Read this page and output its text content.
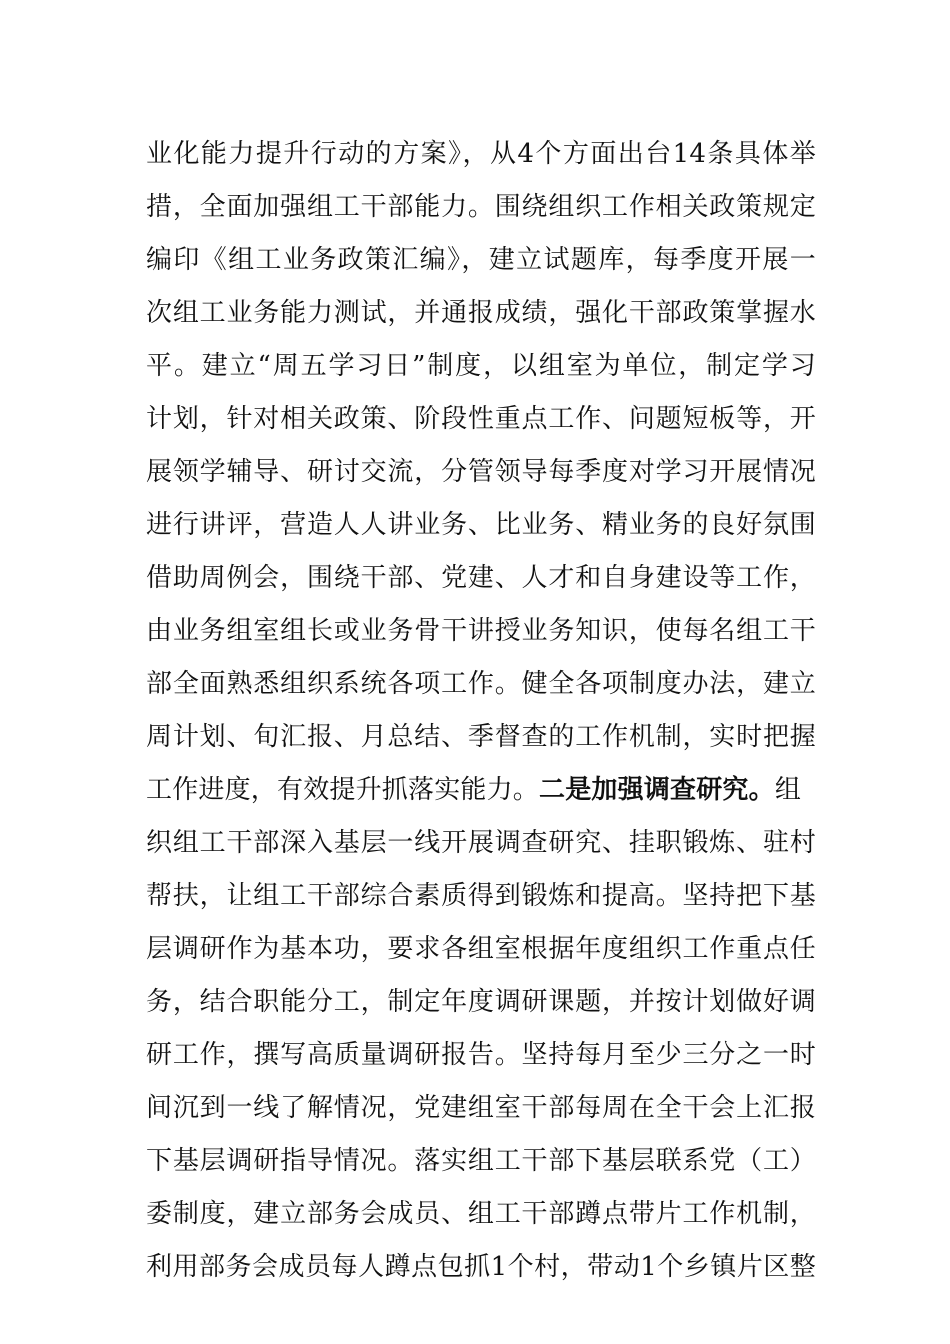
业化能力提升行动的方案》，从4个方面出台14条具体举
措，全面加强组工干部能力。围绕组织工作相关政策规定
编印《组工业务政策汇编》，建立试题库，每季度开展一
次组工业务能力测试，并通报成绩，强化干部政策掌握水
平。建立“周五学习日”制度，以组室为单位，制定学习
计划，针对相关政策、阶段性重点工作、问题短板等，开
展领学辅导、研讨交流，分管领导每季度对学习开展情况
进行讲评，营造人人讲业务、比业务、精业务的良好氛围
借助周例会，围绕干部、党建、人才和自身建设等工作，
由业务组室组长或业务骨干讲授业务知识，使每名组工干
部全面熟悉组织系统各项工作。健全各项制度办法，建立
周计划、旬汇报、月总结、季督查的工作机制，实时把握
工作进度，有效提升抓落实能力。二是加强调查研究。组
织组工干部深入基层一线开展调查研究、挂职锻炼、驻村
帮扶，让组工干部综合素质得到锻炼和提高。坚持把下基
层调研作为基本功，要求各组室根据年度组织工作重点任
务，结合职能分工，制定年度调研课题，并按计划做好调
研工作，撰写高质量调研报告。坚持每月至少三分之一时
间沉到一线了解情况，党建组室干部每周在全干会上汇报
下基层调研指导情况。落实组工干部下基层联系党（工）
委制度，建立部务会成员、组工干部蹲点带片工作机制，
利用部务会成员每人蹲点包抓1个村，带动1个乡镇片区整
